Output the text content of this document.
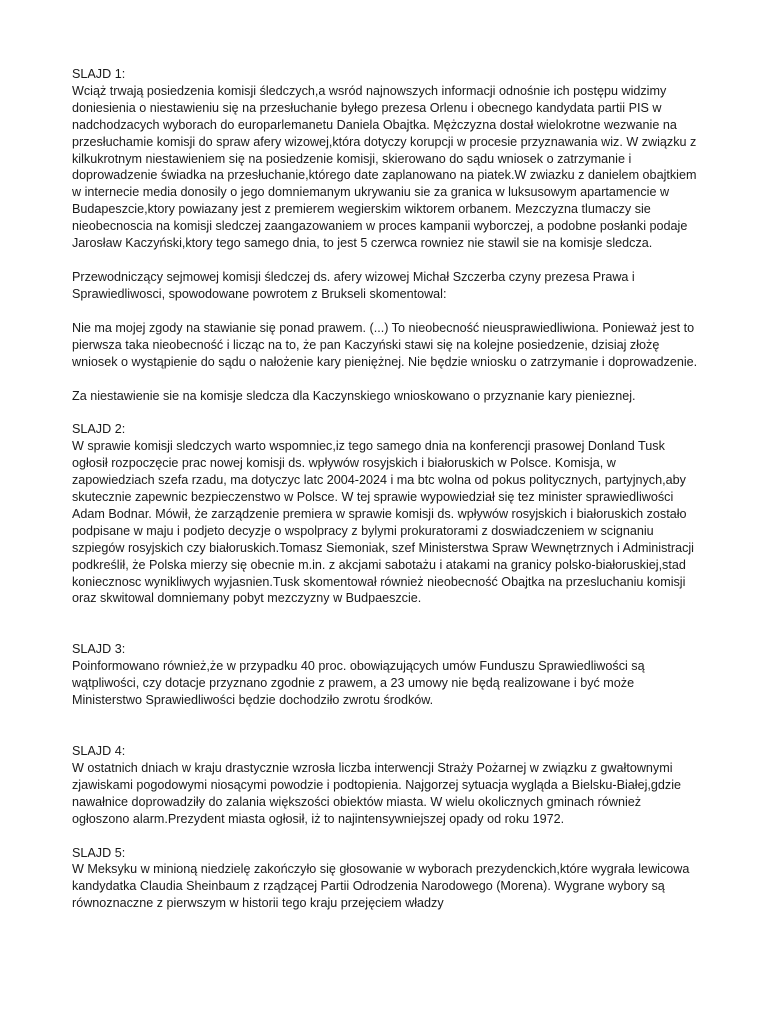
SLAJD 1:

Wciąż trwają posiedzenia komisji śledczych,a wsród najnowszych informacji odnośnie ich postępu widzimy doniesienia o niestawieniu się na przesłuchanie byłego prezesa Orlenu i obecnego kandydata partii PIS w nadchodzacych wyborach do europarlemanetu Daniela Obajtka. Mężczyzna dostał wielokrotne wezwanie na przesłuchamie komisji do spraw afery wizowej,która dotyczy korupcji w procesie przyznawania wiz. W związku z kilkukrotnym niestawieniem się na posiedzenie komisji, skierowano do sądu wniosek o zatrzymanie i doprowadzenie świadka na przesłuchanie,którego date zaplanowano na piatek.W zwiazku z danielem obajtkiem w internecie media donosily o jego domniemanym ukrywaniu sie za granica w luksusowym apartamencie w Budapeszcie,ktory powiazany jest z premierem wegierskim wiktorem orbanem. Mezczyzna tlumaczy sie nieobecnoscia na komisji sledczej zaangazowaniem w proces kampanii wyborczej, a podobne posłanki podaje Jarosław Kaczyński,ktory tego samego dnia, to jest 5 czerwca rowniez nie stawil sie na komisje sledcza.

Przewodniczący sejmowej komisji śledczej ds. afery wizowej Michał Szczerba czyny prezesa Prawa i Sprawiedliwosci, spowodowane powrotem z Brukseli skomentowal:

Nie ma mojej zgody na stawianie się ponad prawem. (...) To nieobecność nieusprawiedliwiona. Ponieważ jest to pierwsza taka nieobecność i licząc na to, że pan Kaczyński stawi się na kolejne posiedzenie, dzisiaj złożę wniosek o wystąpienie do sądu o nałożenie kary pieniężnej. Nie będzie wniosku o zatrzymanie i doprowadzenie.

Za niestawienie sie na komisje sledcza dla Kaczynskiego wnioskowano o przyznanie kary pienieznej.

SLAJD 2:

W sprawie komisji sledczych warto wspomniec,iz tego samego dnia na konferencji prasowej Donland Tusk ogłosił rozpoczęcie prac nowej komisji ds. wpływów rosyjskich i białoruskich w Polsce. Komisja, w zapowiedziach szefa rzadu, ma dotyczyc latc 2004-2024 i ma btc wolna od pokus politycznych, partyjnych,aby skutecznie zapewnic bezpieczenstwo w Polsce. W tej sprawie wypowiedział się tez minister sprawiedliwości Adam Bodnar. Mówił, że zarządzenie premiera w sprawie komisji ds. wpływów rosyjskich i białoruskich zostało podpisane w maju i podjeto decyzje o wspolpracy z bylymi prokuratorami z doswiadczeniem w scignaniu szpiegów rosyjskich czy białoruskich.Tomasz Siemoniak, szef Ministerstwa Spraw Wewnętrznych i Administracji podkreślił, że Polska mierzy się obecnie m.in. z akcjami sabotażu i atakami na granicy polsko-białoruskiej,stad koniecznosc wynikliwych wyjasnien.Tusk skomentował również nieobecność Obajtka na przesluchaniu komisji oraz skwitowal domniemany pobyt mezczyzny w Budpaeszcie.

SLAJD 3:

Poinformowano również,że w przypadku 40 proc. obowiązujących umów Funduszu Sprawiedliwości są wątpliwości, czy dotacje przyznano zgodnie z prawem, a 23 umowy nie będą realizowane i być może Ministerstwo Sprawiedliwości będzie dochodziło zwrotu środków.

SLAJD 4:

W ostatnich dniach w kraju drastycznie wzrosła liczba interwencji Straży Pożarnej w związku z gwałtownymi zjawiskami pogodowymi niosącymi powodzie i podtopienia. Najgorzej sytuacja wygląda a Bielsku-Białej,gdzie nawałnice doprowadziły do zalania większości obiektów miasta. W wielu okolicznych gminach również ogłoszono alarm.Prezydent miasta ogłosił, iż to najintensywniejszej opady od roku 1972.

SLAJD 5:

W Meksyku w minioną niedzielę zakończyło się głosowanie w wyborach prezydenckich,które wygrała lewicowa kandydatka Claudia Sheinbaum z rządzącej Partii Odrodzenia Narodowego (Morena). Wygrane wybory są równoznaczne z pierwszym w historii tego kraju przejęciem władzy
